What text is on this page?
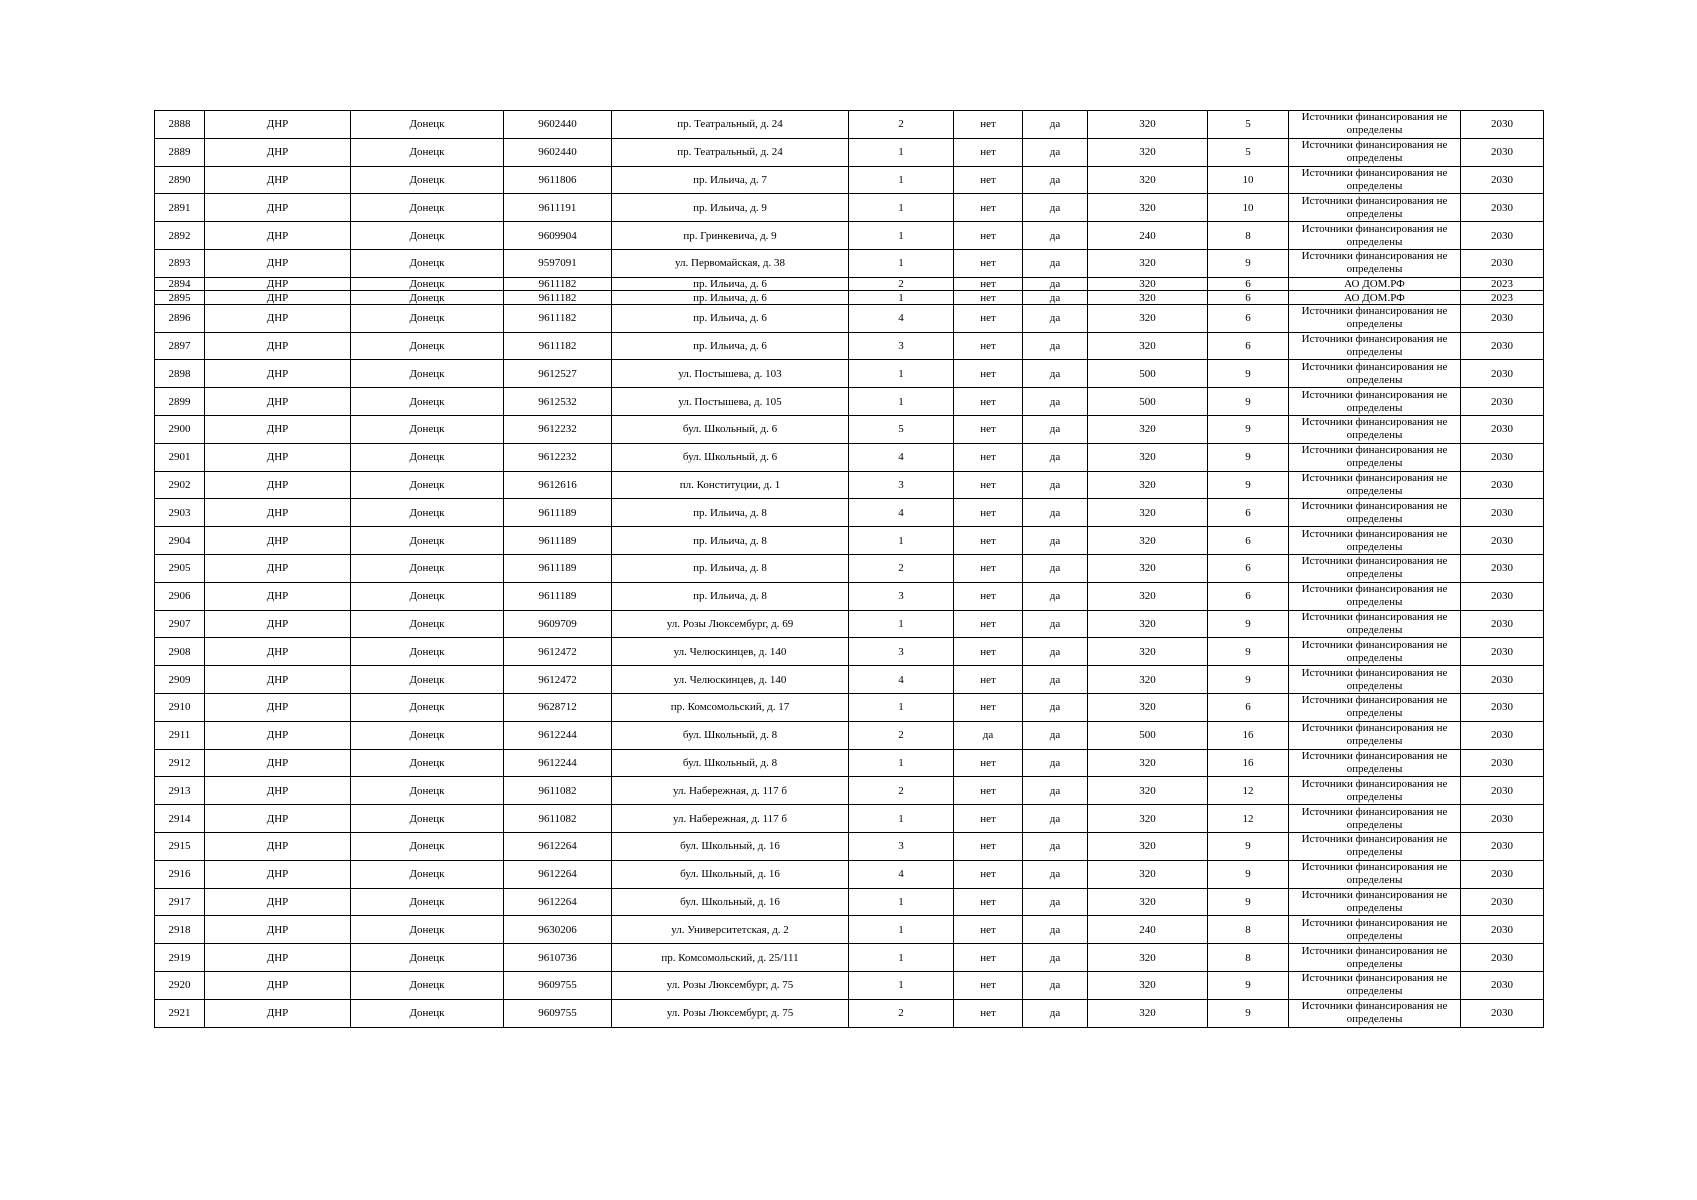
2888	ДНР	Донецк	9602440	пр. Театральный, д. 24	2	нет	да	320	5	Источники финансирования не определены	2030
2889	ДНР	Донецк	9602440	пр. Театральный, д. 24	1	нет	да	320	5	Источники финансирования не определены	2030
2890	ДНР	Донецк	9611806	пр. Ильича, д. 7	1	нет	да	320	10	Источники финансирования не определены	2030
2891	ДНР	Донецк	9611191	пр. Ильича, д. 9	1	нет	да	320	10	Источники финансирования не определены	2030
2892	ДНР	Донецк	9609904	пр. Гринкевича, д. 9	1	нет	да	240	8	Источники финансирования не определены	2030
2893	ДНР	Донецк	9597091	ул. Первомайская, д. 38	1	нет	да	320	9	Источники финансирования не определены	2030
2894	ДНР	Донецк	9611182	пр. Ильича, д. 6	2	нет	да	320	6	АО ДОМ.РФ	2023
2895	ДНР	Донецк	9611182	пр. Ильича, д. 6	1	нет	да	320	6	АО ДОМ.РФ	2023
2896	ДНР	Донецк	9611182	пр. Ильича, д. 6	4	нет	да	320	6	Источники финансирования не определены	2030
2897	ДНР	Донецк	9611182	пр. Ильича, д. 6	3	нет	да	320	6	Источники финансирования не определены	2030
2898	ДНР	Донецк	9612527	ул. Постышева, д. 103	1	нет	да	500	9	Источники финансирования не определены	2030
2899	ДНР	Донецк	9612532	ул. Постышева, д. 105	1	нет	да	500	9	Источники финансирования не определены	2030
2900	ДНР	Донецк	9612232	бул. Школьный, д. 6	5	нет	да	320	9	Источники финансирования не определены	2030
2901	ДНР	Донецк	9612232	бул. Школьный, д. 6	4	нет	да	320	9	Источники финансирования не определены	2030
2902	ДНР	Донецк	9612616	пл. Конституции, д. 1	3	нет	да	320	9	Источники финансирования не определены	2030
2903	ДНР	Донецк	9611189	пр. Ильича, д. 8	4	нет	да	320	6	Источники финансирования не определены	2030
2904	ДНР	Донецк	9611189	пр. Ильича, д. 8	1	нет	да	320	6	Источники финансирования не определены	2030
2905	ДНР	Донецк	9611189	пр. Ильича, д. 8	2	нет	да	320	6	Источники финансирования не определены	2030
2906	ДНР	Донецк	9611189	пр. Ильича, д. 8	3	нет	да	320	6	Источники финансирования не определены	2030
2907	ДНР	Донецк	9609709	ул. Розы Люксембург, д. 69	1	нет	да	320	9	Источники финансирования не определены	2030
2908	ДНР	Донецк	9612472	ул. Челюскинцев, д. 140	3	нет	да	320	9	Источники финансирования не определены	2030
2909	ДНР	Донецк	9612472	ул. Челюскинцев, д. 140	4	нет	да	320	9	Источники финансирования не определены	2030
2910	ДНР	Донецк	9628712	пр. Комсомольский, д. 17	1	нет	да	320	6	Источники финансирования не определены	2030
2911	ДНР	Донецк	9612244	бул. Школьный, д. 8	2	да	да	500	16	Источники финансирования не определены	2030
2912	ДНР	Донецк	9612244	бул. Школьный, д. 8	1	нет	да	320	16	Источники финансирования не определены	2030
2913	ДНР	Донецк	9611082	ул. Набережная, д. 117 б	2	нет	да	320	12	Источники финансирования не определены	2030
2914	ДНР	Донецк	9611082	ул. Набережная, д. 117 б	1	нет	да	320	12	Источники финансирования не определены	2030
2915	ДНР	Донецк	9612264	бул. Школьный, д. 16	3	нет	да	320	9	Источники финансирования не определены	2030
2916	ДНР	Донецк	9612264	бул. Школьный, д. 16	4	нет	да	320	9	Источники финансирования не определены	2030
2917	ДНР	Донецк	9612264	бул. Школьный, д. 16	1	нет	да	320	9	Источники финансирования не определены	2030
2918	ДНР	Донецк	9630206	ул. Университетская, д. 2	1	нет	да	240	8	Источники финансирования не определены	2030
2919	ДНР	Донецк	9610736	пр. Комсомольский, д. 25/111	1	нет	да	320	8	Источники финансирования не определены	2030
2920	ДНР	Донецк	9609755	ул. Розы Люксембург, д. 75	1	нет	да	320	9	Источники финансирования не определены	2030
2921	ДНР	Донецк	9609755	ул. Розы Люксембург, д. 75	2	нет	да	320	9	Источники финансирования не определены	2030
